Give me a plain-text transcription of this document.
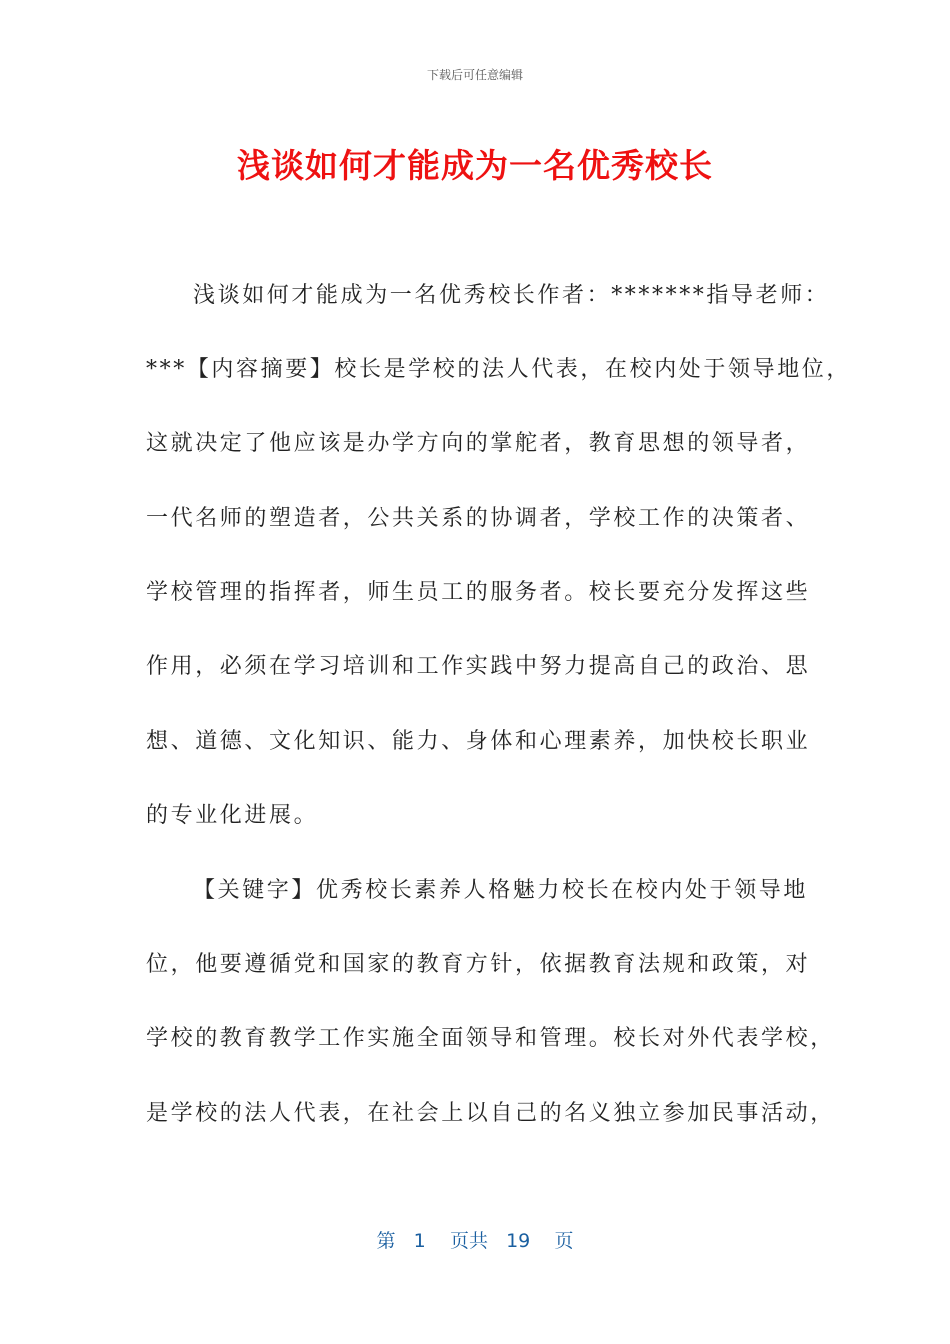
下载后可任意编辑
浅谈如何才能成为一名优秀校长
浅谈如何才能成为一名优秀校长作者：*******指导老师：
***【内容摘要】校长是学校的法人代表，在校内处于领导地位，
这就决定了他应该是办学方向的掌舵者，教育思想的领导者，
一代名师的塑造者，公共关系的协调者，学校工作的决策者、
学校管理的指挥者，师生员工的服务者。校长要充分发挥这些
作用，必须在学习培训和工作实践中努力提高自己的政治、思
想、道德、文化知识、能力、身体和心理素养，加快校长职业
的专业化进展。
【关键字】优秀校长素养人格魅力校长在校内处于领导地
位，他要遵循党和国家的教育方针，依据教育法规和政策，对
学校的教育教学工作实施全面领导和管理。校长对外代表学校，
是学校的法人代表，在社会上以自己的名义独立参加民事活动，
第 1 页共 19 页
